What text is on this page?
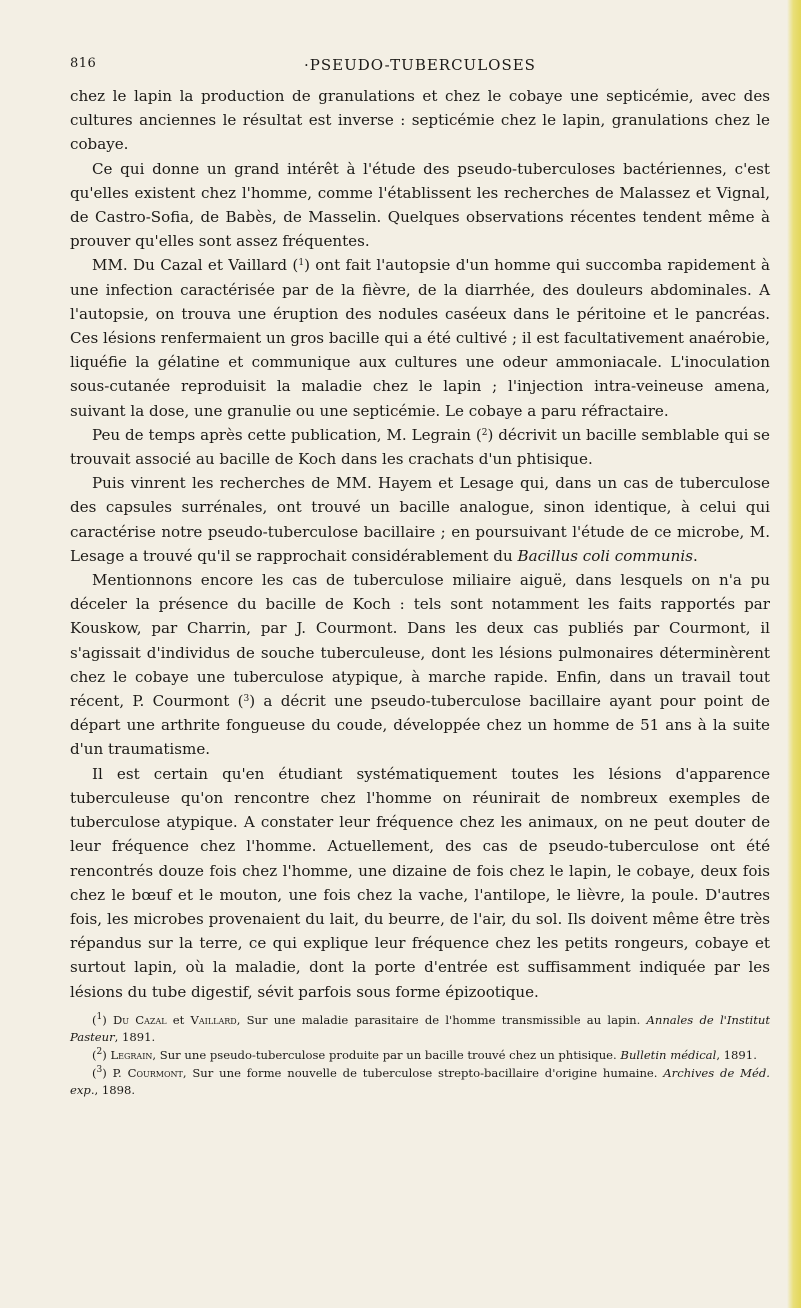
816	·PSEUDO-TUBERCULOSES

chez le lapin la production de granulations et chez le cobaye une septicémie, avec des cultures anciennes le résultat est inverse : septicémie chez le lapin, granulations chez le cobaye.

Ce qui donne un grand intérêt à l'étude des pseudo-tuberculoses bactériennes, c'est qu'elles existent chez l'homme, comme l'établissent les recherches de Malassez et Vignal, de Castro-Sofia, de Babès, de Masselin. Quelques observations récentes tendent même à prouver qu'elles sont assez fréquentes.

MM. Du Cazal et Vaillard ($^1$) ont fait l'autopsie d'un homme qui succomba rapidement à une infection caractérisée par de la fièvre, de la diarrhée, des douleurs abdominales. A l'autopsie, on trouva une éruption des nodules caséeux dans le péritoine et le pancréas. Ces lésions renfermaient un gros bacille qui a été cultivé ; il est facultativement anaérobie, liquéfie la gélatine et communique aux cultures une odeur ammoniacale. L'inoculation sous-cutanée reproduisit la maladie chez le lapin ; l'injection intra-veineuse amena, suivant la dose, une granulie ou une septicémie. Le cobaye a paru réfractaire.

Peu de temps après cette publication, M. Legrain ($^2$) décrivit un bacille semblable qui se trouvait associé au bacille de Koch dans les crachats d'un phtisique.

Puis vinrent les recherches de MM. Hayem et Lesage qui, dans un cas de tuberculose des capsules surrénales, ont trouvé un bacille analogue, sinon identique, à celui qui caractérise notre pseudo-tuberculose bacillaire ; en poursuivant l'étude de ce microbe, M. Lesage a trouvé qu'il se rapprochait considérablement du Bacillus coli communis.

Mentionnons encore les cas de tuberculose miliaire aiguë, dans lesquels on n'a pu déceler la présence du bacille de Koch : tels sont notamment les faits rapportés par Kouskow, par Charrin, par J. Courmont. Dans les deux cas publiés par Courmont, il s'agissait d'individus de souche tuberculeuse, dont les lésions pulmonaires déterminèrent chez le cobaye une tuberculose atypique, à marche rapide. Enfin, dans un travail tout récent, P. Courmont ($^3$) a décrit une pseudo-tuberculose bacillaire ayant pour point de départ une arthrite fongueuse du coude, développée chez un homme de 51 ans à la suite d'un traumatisme.

Il est certain qu'en étudiant systématiquement toutes les lésions d'apparence tuberculeuse qu'on rencontre chez l'homme on réunirait de nombreux exemples de tuberculose atypique. A constater leur fréquence chez les animaux, on ne peut douter de leur fréquence chez l'homme. Actuellement, des cas de pseudo-tuberculose ont été rencontrés douze fois chez l'homme, une dizaine de fois chez le lapin, le cobaye, deux fois chez le bœuf et le mouton, une fois chez la vache, l'antilope, le lièvre, la poule. D'autres fois, les microbes provenaient du lait, du beurre, de l'air, du sol. Ils doivent même être très répandus sur la terre, ce qui explique leur fréquence chez les petits rongeurs, cobaye et surtout lapin, où la maladie, dont la porte d'entrée est suffisamment indiquée par les lésions du tube digestif, sévit parfois sous forme épizootique.

($^1$) Du Cazal et Vaillard, Sur une maladie parasitaire de l'homme transmissible au lapin. Annales de l'Institut Pasteur, 1891.

($^2$) Legrain, Sur une pseudo-tuberculose produite par un bacille trouvé chez un phtisique. Bulletin médical, 1891.

($^3$) P. Courmont, Sur une forme nouvelle de tuberculose strepto-bacillaire d'origine humaine. Archives de Méd. exp., 1898.
